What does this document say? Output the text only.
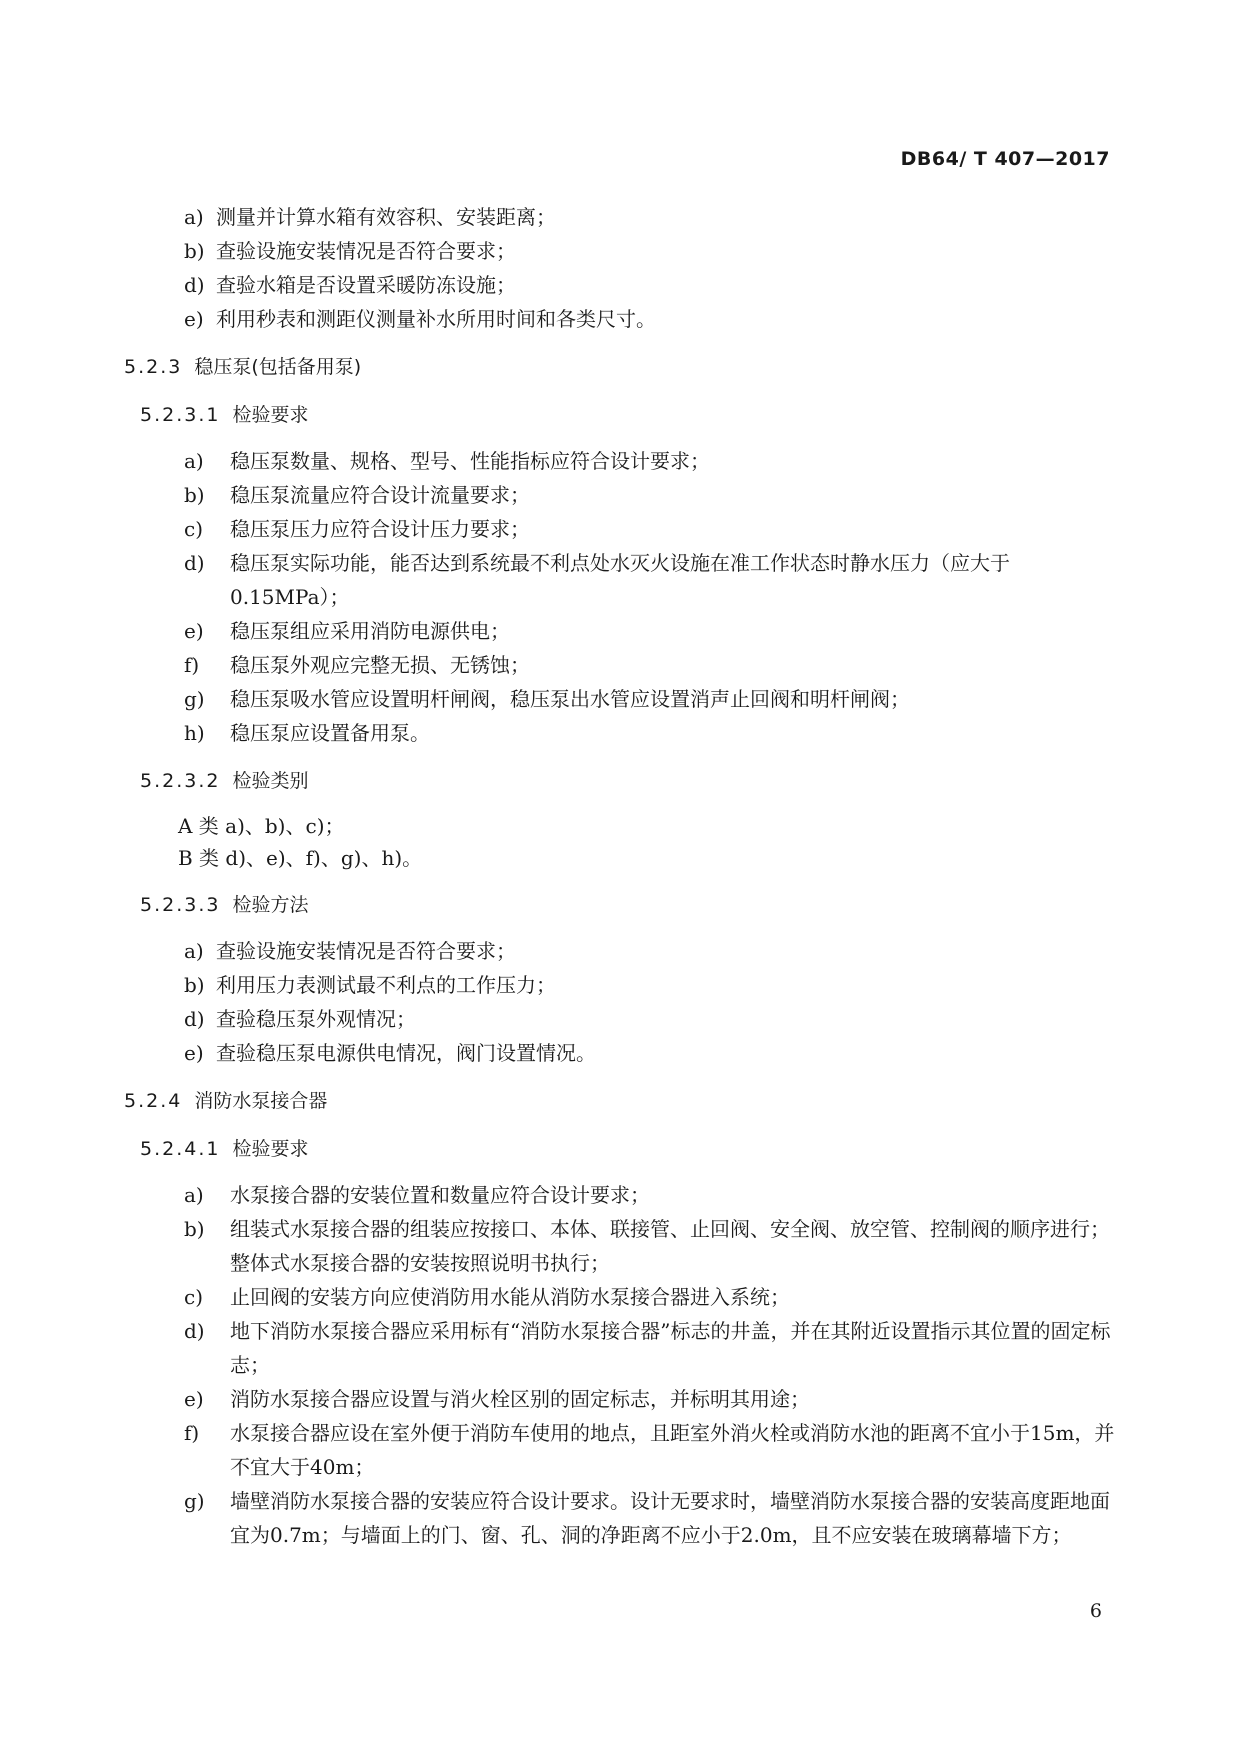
DB64/ T 407—2017
a) 测量并计算水箱有效容积、安装距离；
b) 查验设施安装情况是否符合要求；
d) 查验水箱是否设置采暖防冻设施；
e) 利用秒表和测距仪测量补水所用时间和各类尺寸。
5.2.3 稳压泵(包括备用泵)
5.2.3.1 检验要求
a) 稳压泵数量、规格、型号、性能指标应符合设计要求；
b) 稳压泵流量应符合设计流量要求；
c) 稳压泵压力应符合设计压力要求；
d) 稳压泵实际功能，能否达到系统最不利点处水灭火设施在准工作状态时静水压力（应大于0.15MPa）；
e) 稳压泵组应采用消防电源供电；
f) 稳压泵外观应完整无损、无锈蚀；
g) 稳压泵吸水管应设置明杆闸阀，稳压泵出水管应设置消声止回阀和明杆闸阀；
h) 稳压泵应设置备用泵。
5.2.3.2 检验类别
A 类 a)、b)、c)；
B 类 d)、e)、f)、g)、h)。
5.2.3.3 检验方法
a) 查验设施安装情况是否符合要求；
b) 利用压力表测试最不利点的工作压力；
d) 查验稳压泵外观情况；
e) 查验稳压泵电源供电情况，阀门设置情况。
5.2.4 消防水泵接合器
5.2.4.1 检验要求
a) 水泵接合器的安装位置和数量应符合设计要求；
b) 组装式水泵接合器的组装应按接口、本体、联接管、止回阀、安全阀、放空管、控制阀的顺序进行；整体式水泵接合器的安装按照说明书执行；
c) 止回阀的安装方向应使消防用水能从消防水泵接合器进入系统；
d) 地下消防水泵接合器应采用标有“消防水泵接合器”标志的井盖，并在其附近设置指示其位置的固定标志；
e) 消防水泵接合器应设置与消火栓区别的固定标志，并标明其用途；
f) 水泵接合器应设在室外便于消防车使用的地点，且距室外消火栓或消防水池的距离不宜小于15m，并不宜大于40m；
g) 墙壁消防水泵接合器的安装应符合设计要求。设计无要求时，墙壁消防水泵接合器的安装高度距地面宜为0.7m；与墙面上的门、窗、孔、洞的净距离不应小于2.0m，且不应安装在玻璃幕墙下方；
6
